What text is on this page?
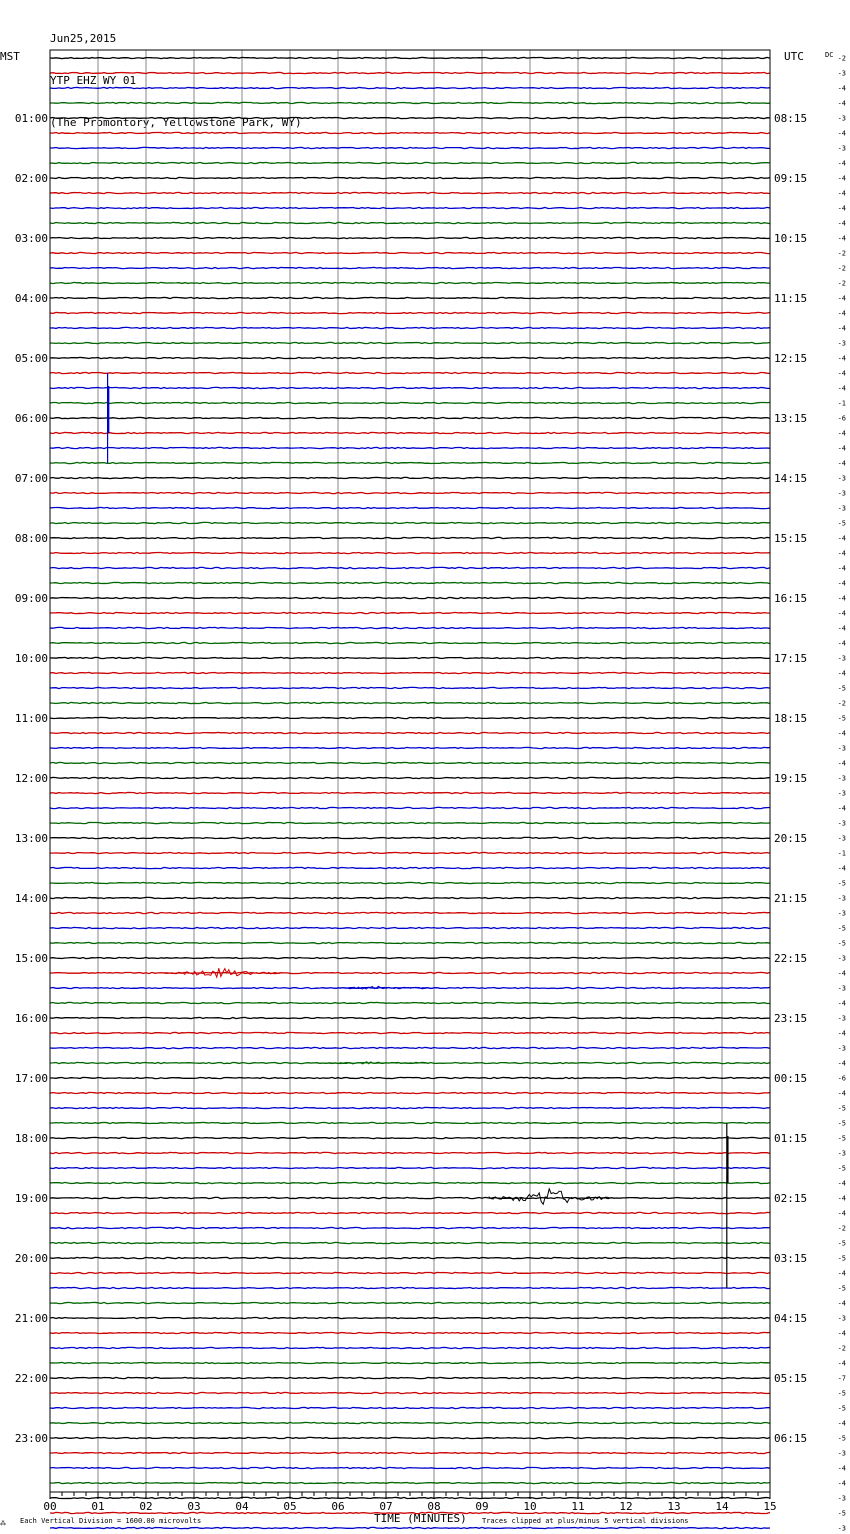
Jun25,2015

YTP EHZ WY 01

(The Promontory, Yellowstone Park, WY)

00	01	02	03	04	05	06	07	08	09	10	11	12	13	14	15
01:00
02:00
03:00
04:00
05:00
06:00
07:00
08:00
09:00
10:00
11:00
12:00
13:00
14:00
15:00
16:00
17:00
18:00
19:00
20:00
21:00
22:00
23:00
08:15
09:15
10:15
11:15
12:15
13:15
14:15
15:15
16:15
17:15
18:15
19:15
20:15
21:15
22:15
23:15
00:15
01:15
02:15
03:15
04:15
05:15
06:15
-2
-3
-4
-4
-3
-4
-3
-4
-4
-4
-4
-4
-4
-2
-2
-2
-4
-4
-4
-3
-4
-4
-4
-1
-6
-4
-4
-4
-3
-3
-3
-5
-4
-4
-4
-4
-4
-4
-4
-4
-3
-4
-5
-2
-5
-4
-3
-4
-3
-3
-4
-3
-3
-1
-4
-5
-3
-3
-5
-5
-3
-4
-3
-4
-3
-4
-3
-4
-6
-4
-5
-5
-5
-3
-5
-4
-4
-4
-2
-5
-5
-4
-5
-4
-3
-4
-2
-4
-7
-5
-5
-4
-5
-3
-4
-4
-3
-5
-3
MST	UTC	DC
TIME (MINUTES)
Each Vertical Division = 1600.00 microvolts	Traces clipped at plus/minus 5 vertical divisions
⁂
